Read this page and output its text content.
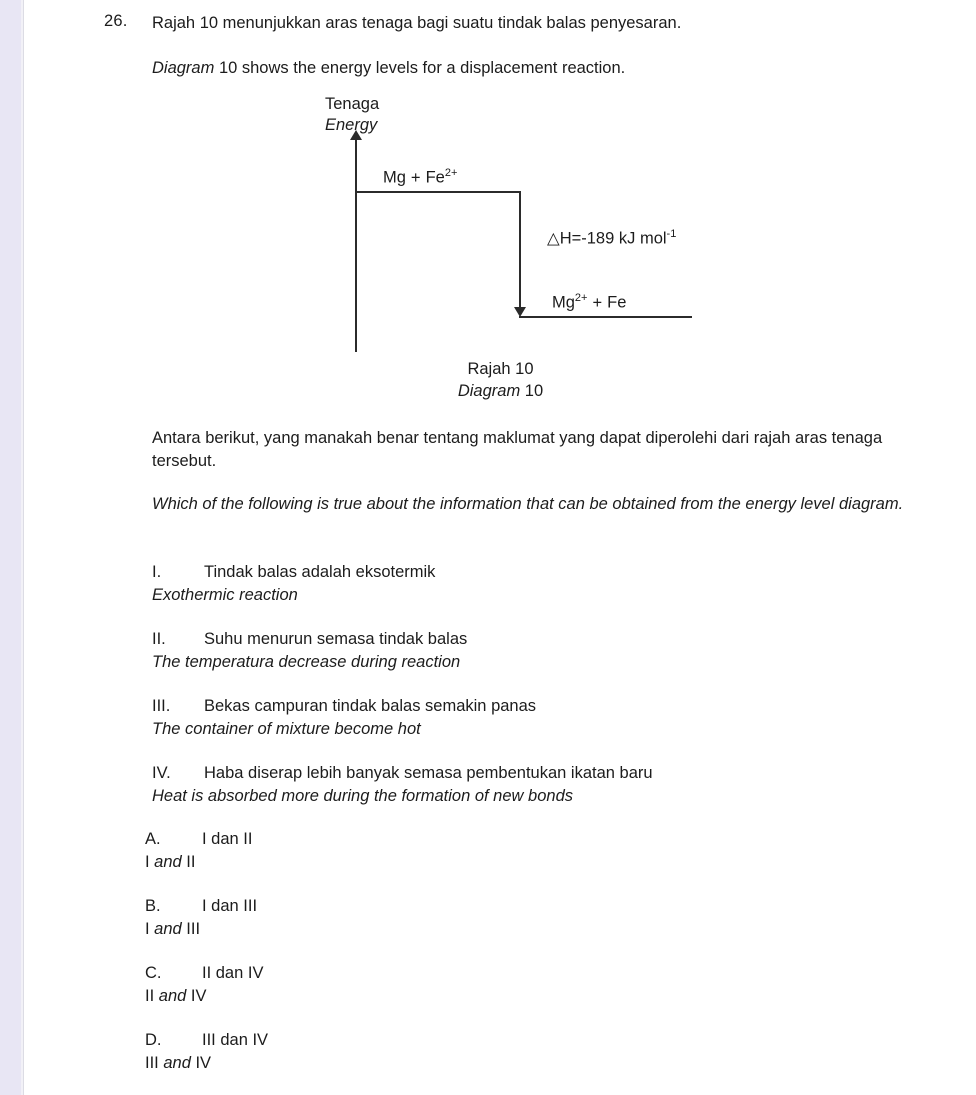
26. Rajah 10 menunjukkan aras tenaga bagi suatu tindak balas penyesaran.
Diagram 10 shows the energy levels for a displacement reaction.
Tenaga
Energy
$Mg + Fe^{2+}$
$Mg^{2+} + Fe$
△H=-189 kJ mol$^{-1}$
Rajah 10
Diagram 10
Antara berikut, yang manakah benar tentang maklumat yang dapat diperolehi dari rajah aras tenaga tersebut.
Which of the following is true about the information that can be obtained from the energy level diagram.
I.	Tindak balas adalah eksotermik
Exothermic reaction
II.	Suhu menurun semasa tindak balas
The temperatura decrease during reaction
III.	Bekas campuran tindak balas semakin panas
The container of mixture become hot
IV.	Haba diserap lebih banyak semasa pembentukan ikatan baru
Heat is absorbed more during the formation of new bonds
A.	I dan II
I and II
B.	I dan III
I and III
C.	II dan IV
II and IV
D.	III dan IV
III and IV
